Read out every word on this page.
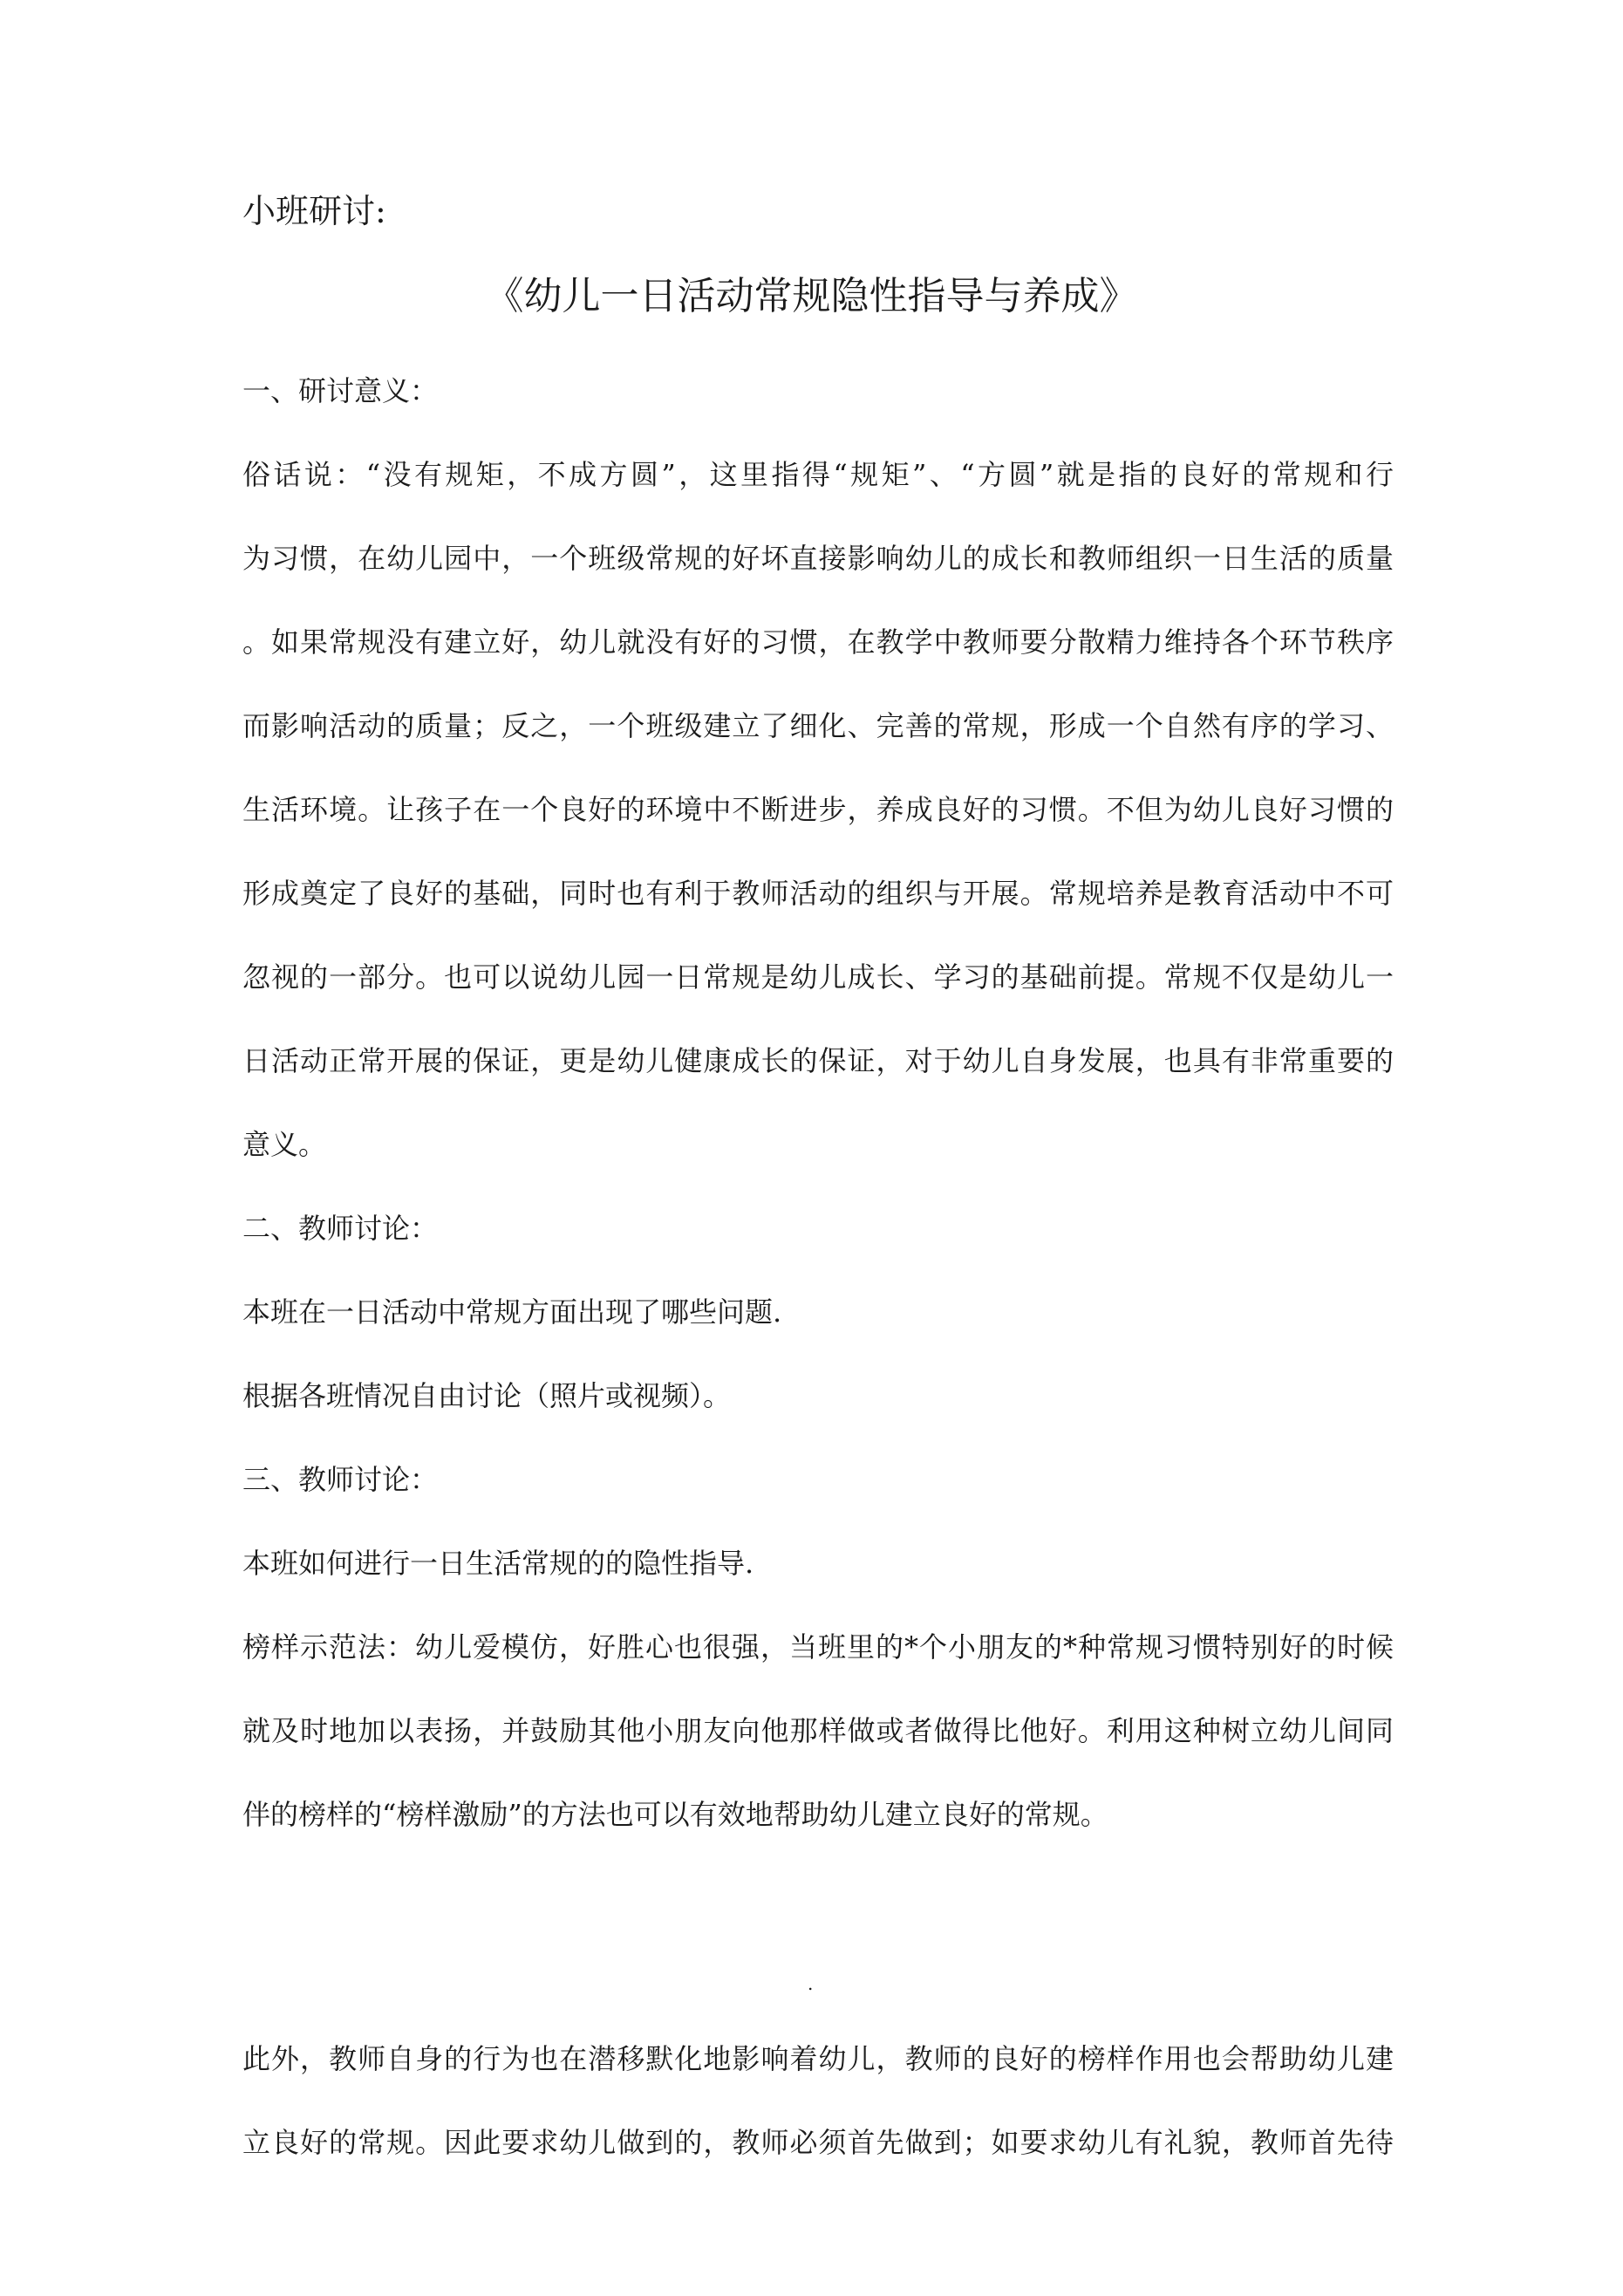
小班研讨:
《幼儿一日活动常规隐性指导与养成》
一、研讨意义：
俗话说：“没有规矩，不成方圆”，这里指得“规矩”、“方圆”就是指的良好的常规和行
为习惯，在幼儿园中，一个班级常规的好坏直接影响幼儿的成长和教师组织一日生活的质量
。如果常规没有建立好，幼儿就没有好的习惯，在教学中教师要分散精力维持各个环节秩序
而影响活动的质量；反之，一个班级建立了细化、完善的常规，形成一个自然有序的学习、
生活环境。让孩子在一个良好的环境中不断进步，养成良好的习惯。不但为幼儿良好习惯的
形成奠定了良好的基础，同时也有利于教师活动的组织与开展。常规培养是教育活动中不可
忽视的一部分。也可以说幼儿园一日常规是幼儿成长、学习的基础前提。常规不仅是幼儿一
日活动正常开展的保证，更是幼儿健康成长的保证，对于幼儿自身发展，也具有非常重要的
意义。
二、教师讨论：
本班在一日活动中常规方面出现了哪些问题.
根据各班情况自由讨论（照片或视频）。
三、教师讨论：
本班如何进行一日生活常规的的隐性指导.
榜样示范法：幼儿爱模仿，好胜心也很强，当班里的*个小朋友的*种常规习惯特别好的时候
就及时地加以表扬，并鼓励其他小朋友向他那样做或者做得比他好。利用这种树立幼儿间同
伴的榜样的“榜样激励”的方法也可以有效地帮助幼儿建立良好的常规。
.
此外，教师自身的行为也在潜移默化地影响着幼儿，教师的良好的榜样作用也会帮助幼儿建
立良好的常规。因此要求幼儿做到的，教师必须首先做到；如要求幼儿有礼貌，教师首先待
